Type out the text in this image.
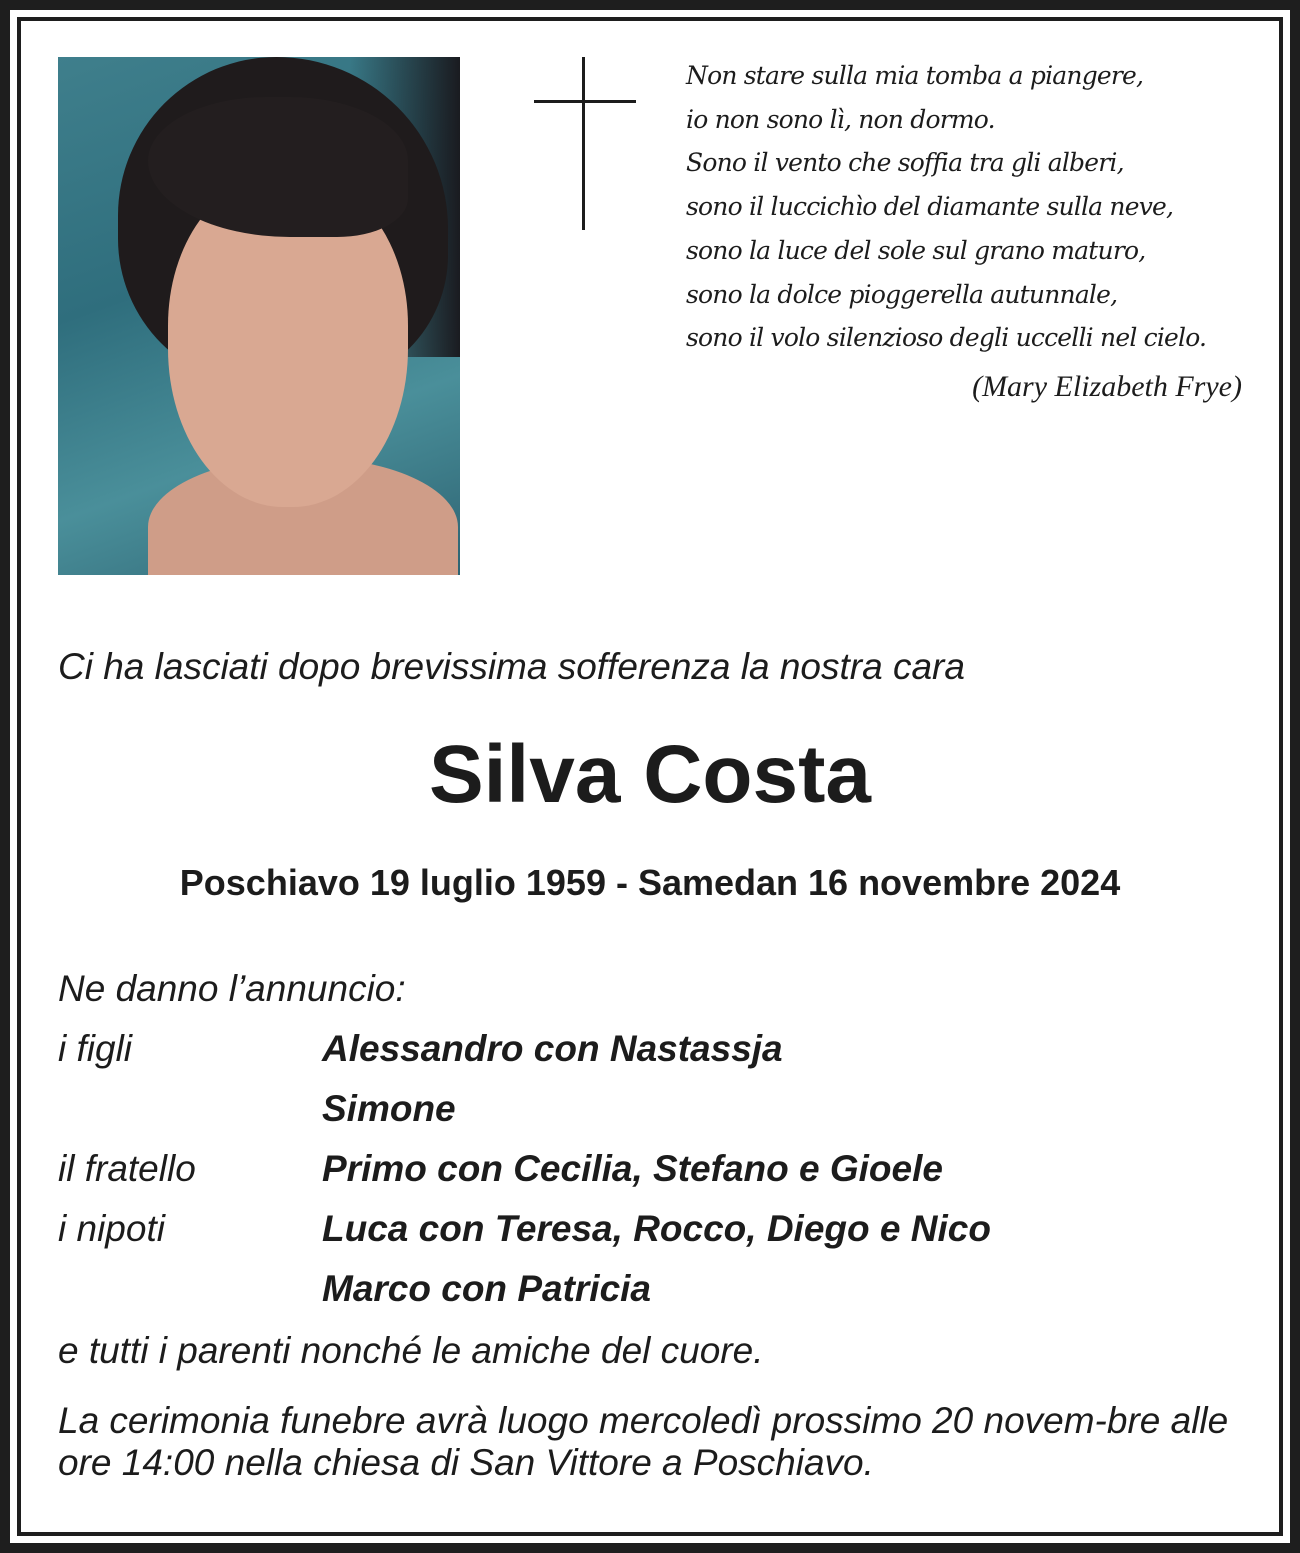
Non stare sulla mia tomba a piangere,
io non sono lì, non dormo.
Sono il vento che soffia tra gli alberi,
sono il luccichìo del diamante sulla neve,
sono la luce del sole sul grano maturo,
sono la dolce pioggerella autunnale,
sono il volo silenzioso degli uccelli nel cielo.
(Mary Elizabeth Frye)
Ci ha lasciati dopo brevissima sofferenza la nostra cara
Silva Costa
Poschiavo 19 luglio 1959 - Samedan 16 novembre 2024
Ne danno l’annuncio:
i figli	Alessandro con Nastassja
Simone
il fratello	Primo con Cecilia, Stefano e Gioele
i nipoti	Luca con Teresa, Rocco, Diego e Nico
Marco con Patricia
e tutti i parenti nonché le amiche del cuore.
La cerimonia funebre avrà luogo mercoledì prossimo 20 novem-bre alle ore 14:00 nella chiesa di San Vittore a Poschiavo.
